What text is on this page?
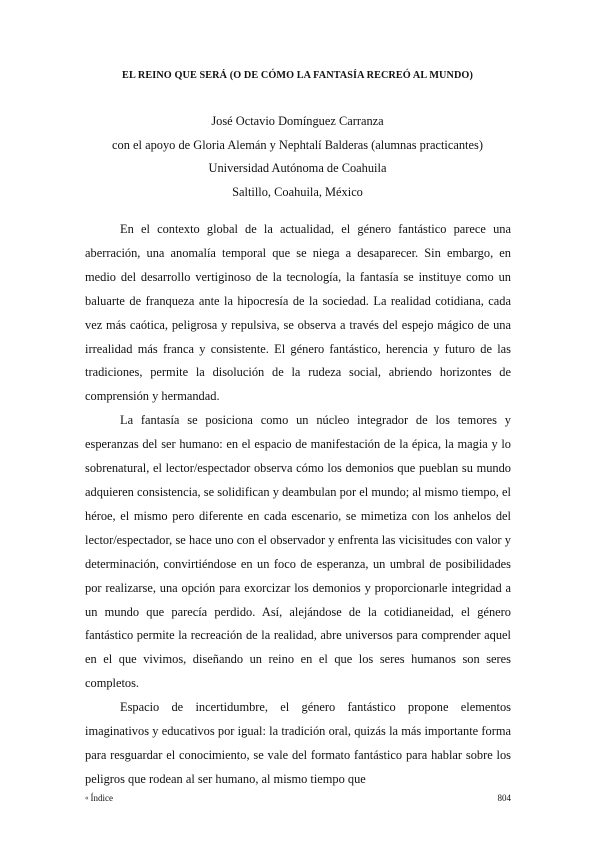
EL REINO QUE SERÁ (O DE CÓMO LA FANTASÍA RECREÓ AL MUNDO)
José Octavio Domínguez Carranza
con el apoyo de Gloria Alemán y Nephtalí Balderas (alumnas practicantes)
Universidad Autónoma de Coahuila
Saltillo, Coahuila, México

En el contexto global de la actualidad, el género fantástico parece una aberración, una anomalía temporal que se niega a desaparecer. Sin embargo, en medio del desarrollo vertiginoso de la tecnología, la fantasía se instituye como un baluarte de franqueza ante la hipocresía de la sociedad. La realidad cotidiana, cada vez más caótica, peligrosa y repulsiva, se observa a través del espejo mágico de una irrealidad más franca y consistente. El género fantástico, herencia y futuro de las tradiciones, permite la disolución de la rudeza social, abriendo horizontes de comprensión y hermandad.

La fantasía se posiciona como un núcleo integrador de los temores y esperanzas del ser humano: en el espacio de manifestación de la épica, la magia y lo sobrenatural, el lector/espectador observa cómo los demonios que pueblan su mundo adquieren consistencia, se solidifican y deambulan por el mundo; al mismo tiempo, el héroe, el mismo pero diferente en cada escenario, se mimetiza con los anhelos del lector/espectador, se hace uno con el observador y enfrenta las vicisitudes con valor y determinación, convirtiéndose en un foco de esperanza, un umbral de posibilidades por realizarse, una opción para exorcizar los demonios y proporcionarle integridad a un mundo que parecía perdido. Así, alejándose de la cotidianeidad, el género fantástico permite la recreación de la realidad, abre universos para comprender aquel en el que vivimos, diseñando un reino en el que los seres humanos son seres completos.

Espacio de incertidumbre, el género fantástico propone elementos imaginativos y educativos por igual: la tradición oral, quizás la más importante forma para resguardar el conocimiento, se vale del formato fantástico para hablar sobre los peligros que rodean al ser humano, al mismo tiempo que

« Índice	804
